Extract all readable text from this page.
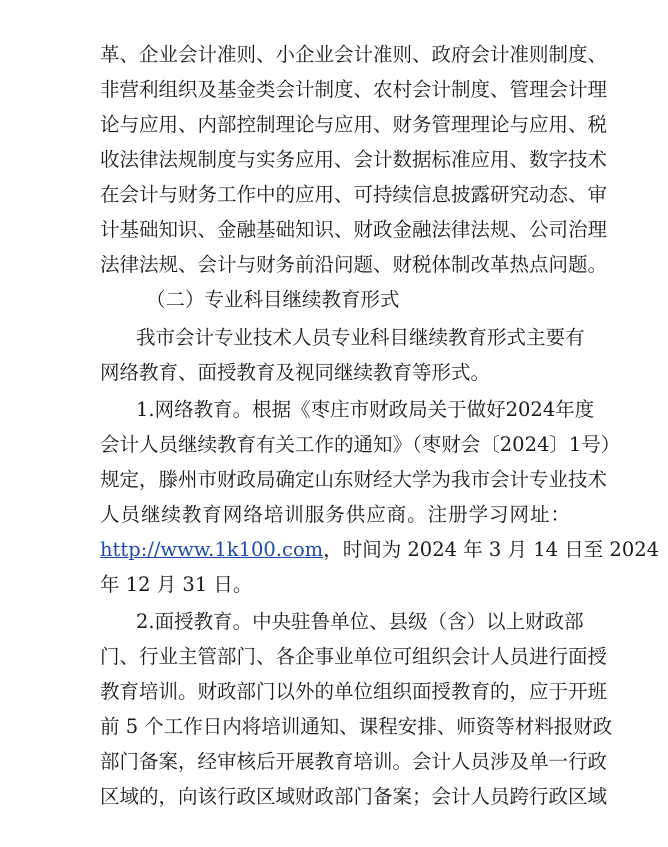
革、企业会计准则、小企业会计准则、政府会计准则制度、
非营利组织及基金类会计制度、农村会计制度、管理会计理
论与应用、内部控制理论与应用、财务管理理论与应用、税
收法律法规制度与实务应用、会计数据标准应用、数字技术
在会计与财务工作中的应用、可持续信息披露研究动态、审
计基础知识、金融基础知识、财政金融法律法规、公司治理
法律法规、会计与财务前沿问题、财税体制改革热点问题。
（二）专业科目继续教育形式
我市会计专业技术人员专业科目继续教育形式主要有
网络教育、面授教育及视同继续教育等形式。
1.网络教育。根据《枣庄市财政局关于做好2024年度
会计人员继续教育有关工作的通知》（枣财会〔2024〕1号）
规定，滕州市财政局确定山东财经大学为我市会计专业技术
人员继续教育网络培训服务供应商。注册学习网址：
http://www.1k100.com，时间为 2024 年 3 月 14 日至 2024
年 12 月 31 日。
2.面授教育。中央驻鲁单位、县级（含）以上财政部
门、行业主管部门、各企事业单位可组织会计人员进行面授
教育培训。财政部门以外的单位组织面授教育的，应于开班
前 5 个工作日内将培训通知、课程安排、师资等材料报财政
部门备案，经审核后开展教育培训。会计人员涉及单一行政
区域的，向该行政区域财政部门备案；会计人员跨行政区域
